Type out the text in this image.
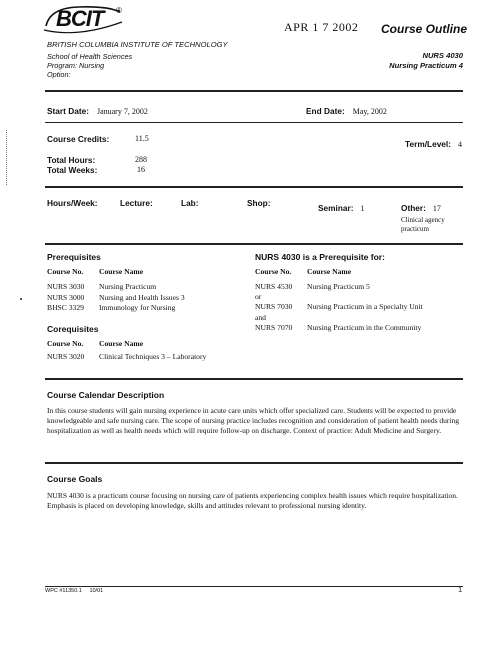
BCIT ®
APR 1 7 2002 Course Outline
BRITISH COLUMBIA INSTITUTE OF TECHNOLOGY
School of Health Sciences
Program: Nursing
Option:
NURS 4030
Nursing Practicum 4
Start Date: January 7, 2002	End Date: May, 2002
Course Credits:	11.5
Term/Level: 4
Total Hours:	288
Total Weeks:	16
Hours/Week:	Lecture:	Lab:	Shop:	Seminar: 1	Other: 17
Clinical agency
practicum
Prerequisites
Course No.	Course Name
NURS 3030	Nursing Practicum
NURS 3000	Nursing and Health Issues 3
BHSC 3329	Immunology for Nursing
Corequisites
Course No.	Course Name
NURS 3020	Clinical Techniques 3 – Laboratory
NURS 4030 is a Prerequisite for:
Course No.	Course Name
NURS 4530	Nursing Practicum 5
or
NURS 7030	Nursing Practicum in a Specialty Unit
and
NURS 7070	Nursing Practicum in the Community
Course Calendar Description
In this course students will gain nursing experience in acute care units which offer specialized care. Students will be expected to provide knowledgeable and safe nursing care. The scope of nursing practice includes recognition and consideration of patient health needs during hospitalization as well as health needs which will require follow-up on discharge. Context of practice: Adult Medicine and Surgery.
Course Goals
NURS 4030 is a practicum course focusing on nursing care of patients experiencing complex health issues which require hospitalization. Emphasis is placed on developing knowledge, skills and attitudes relevant to professional nursing identity.
WPC #11350.1 10/01	1
